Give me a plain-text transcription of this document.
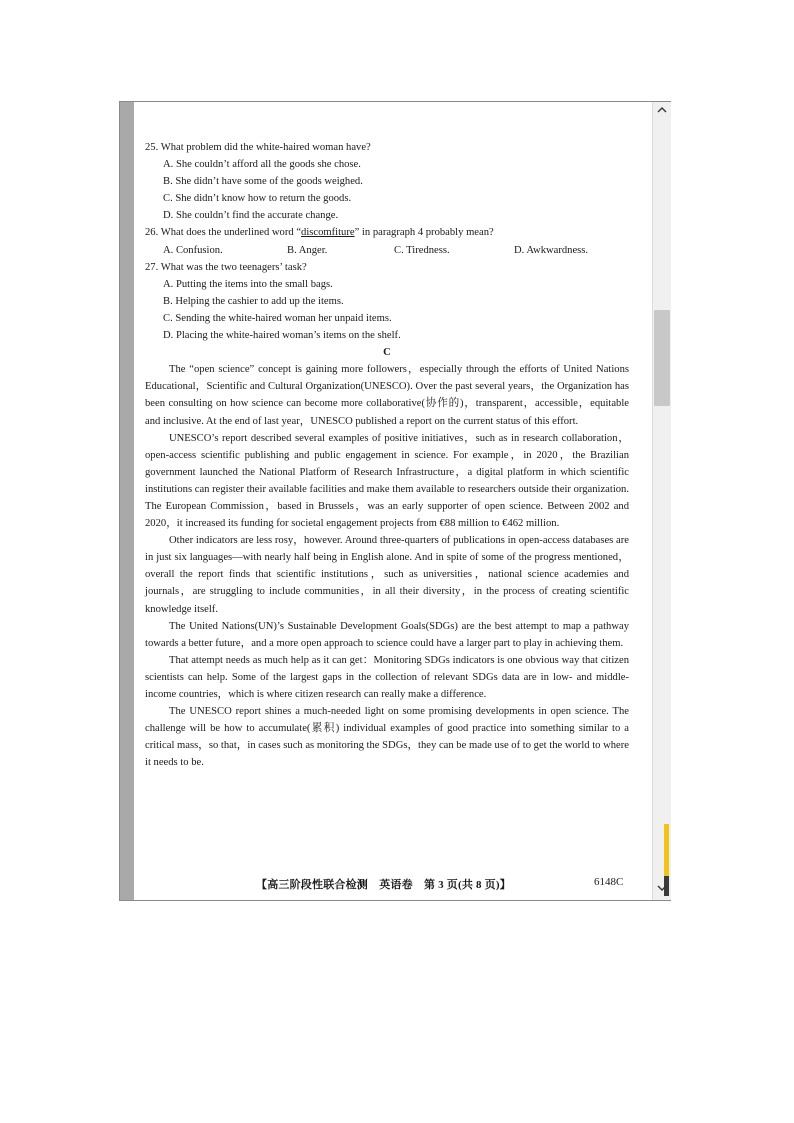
25. What problem did the white-haired woman have?

A. She couldn’t afford all the goods she chose.

B. She didn’t have some of the goods weighed.

C. She didn’t know how to return the goods.

D. She couldn’t find the accurate change.

26. What does the underlined word “discomfiture” in paragraph 4 probably mean?

A. Confusion.	B. Anger.	C. Tiredness.	D. Awkwardness.

27. What was the two teenagers’ task?

A. Putting the items into the small bags.

B. Helping the cashier to add up the items.

C. Sending the white-haired woman her unpaid items.

D. Placing the white-haired woman’s items on the shelf.

C

The “open science” concept is gaining more followers，especially through the efforts of United Nations Educational，Scientific and Cultural Organization(UNESCO). Over the past several years，the Organization has been consulting on how science can become more collaborative(协作的)，transparent，accessible，equitable and inclusive. At the end of last year，UNESCO published a report on the current status of this effort.

UNESCO’s report described several examples of positive initiatives，such as in research collaboration，open-access scientific publishing and public engagement in science. For example，in 2020，the Brazilian government launched the National Platform of Research Infrastructure，a digital platform in which scientific institutions can register their available facilities and make them available to researchers outside their organization. The European Commission，based in Brussels，was an early supporter of open science. Between 2002 and 2020，it increased its funding for societal engagement projects from €88 million to €462 million.

Other indicators are less rosy，however. Around three-quarters of publications in open-access databases are in just six languages—with nearly half being in English alone. And in spite of some of the progress mentioned，overall the report finds that scientific institutions，such as universities，national science academies and journals，are struggling to include communities，in all their diversity，in the process of creating scientific knowledge itself.

The United Nations(UN)’s Sustainable Development Goals(SDGs) are the best attempt to map a pathway towards a better future，and a more open approach to science could have a larger part to play in achieving them.

That attempt needs as much help as it can get：Monitoring SDGs indicators is one obvious way that citizen scientists can help. Some of the largest gaps in the collection of relevant SDGs data are in low- and middle-income countries，which is where citizen research can really make a difference.

The UNESCO report shines a much-needed light on some promising developments in open science. The challenge will be how to accumulate(累积) individual examples of good practice into something similar to a critical mass，so that，in cases such as monitoring the SDGs，they can be made use of to get the world to where it needs to be.

【高三阶段性联合检测　英语卷　第 3 页(共 8 页)】	6148C
